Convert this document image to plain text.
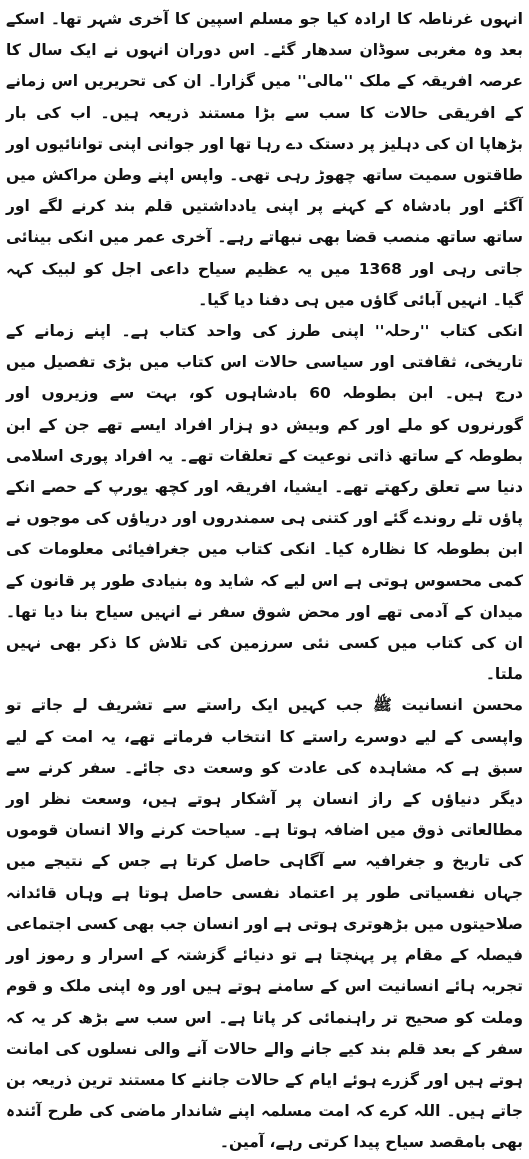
انہوں غرناطہ کا ارادہ کیا جو مسلم اسپین کا آخری شہر تھا۔ اسکے بعد وہ مغربی سوڈان سدھار گئے۔ اس دوران انہوں نے ایک سال کا عرصہ افریقہ کے ملک ''مالی'' میں گزارا۔ ان کی تحریریں اس زمانے کے افریقی حالات کا سب سے بڑا مستند ذریعہ ہیں۔ اب کی بار بڑھاپا ان کی دہلیز پر دستک دے رہا تھا اور جوانی اپنی توانائیوں اور طاقتوں سمیت ساتھ چھوڑ رہی تھی۔ واپس اپنے وطن مراکش میں آگئے اور بادشاہ کے کہنے پر اپنی یادداشتیں قلم بند کرنے لگے اور ساتھ ساتھ منصب قضا بھی نبھاتے رہے۔ آخری عمر میں انکی بینائی جاتی رہی اور 1368 میں یہ عظیم سیاح داعی اجل کو لبیک کہہ گیا۔ انہیں آبائی گاؤں میں ہی دفنا دیا گیا۔

انکی کتاب ''رحلہ'' اپنی طرز کی واحد کتاب ہے۔ اپنے زمانے کے تاریخی، ثقافتی اور سیاسی حالات اس کتاب میں بڑی تفصیل میں درج ہیں۔ ابن بطوطہ 60 بادشاہوں کو، بہت سے وزیروں اور گورنروں کو ملے اور کم وبیش دو ہزار افراد ایسے تھے جن کے ابن بطوطہ کے ساتھ ذاتی نوعیت کے تعلقات تھے۔ یہ افراد پوری اسلامی دنیا سے تعلق رکھتے تھے۔ ایشیا، افریقہ اور کچھ یورپ کے حصے انکے پاؤں تلے روندے گئے اور کتنی ہی سمندروں اور دریاؤں کی موجوں نے ابن بطوطہ کا نظارہ کیا۔ انکی کتاب میں جغرافیائی معلومات کی کمی محسوس ہوتی ہے اس لیے کہ شاید وہ بنیادی طور پر قانون کے میدان کے آدمی تھے اور محض شوق سفر نے انہیں سیاح بنا دیا تھا۔ ان کی کتاب میں کسی نئی سرزمین کی تلاش کا ذکر بھی نہیں ملتا۔

محسن انسانیت ﷺ جب کہیں ایک راستے سے تشریف لے جاتے تو واپسی کے لیے دوسرے راستے کا انتخاب فرماتے تھے، یہ امت کے لیے سبق ہے کہ مشاہدہ کی عادت کو وسعت دی جائے۔ سفر کرنے سے دیگر دنیاؤں کے راز انسان پر آشکار ہوتے ہیں، وسعت نظر اور مطالعاتی ذوق میں اضافہ ہوتا ہے۔ سیاحت کرنے والا انسان قوموں کی تاریخ و جغرافیہ سے آگاہی حاصل کرتا ہے جس کے نتیجے میں جہاں نفسیاتی طور پر اعتماد نفسی حاصل ہوتا ہے وہاں قائدانہ صلاحیتوں میں بڑھوتری ہوتی ہے اور انسان جب بھی کسی اجتماعی فیصلہ کے مقام پر پہنچتا ہے تو دنیائے گزشتہ کے اسرار و رموز اور تجربہ ہائے انسانیت اس کے سامنے ہوتے ہیں اور وہ اپنی ملک و قوم وملت کو صحیح تر راہنمائی کر پاتا ہے۔ اس سب سے بڑھ کر یہ کہ سفر کے بعد قلم بند کیے جانے والے حالات آنے والی نسلوں کی امانت ہوتے ہیں اور گزرے ہوئے ایام کے حالات جاننے کا مستند ترین ذریعہ بن جاتے ہیں۔ اللہ کرے کہ امت مسلمہ اپنے شاندار ماضی کی طرح آئندہ بھی بامقصد سیاح پیدا کرتی رہے، آمین۔
